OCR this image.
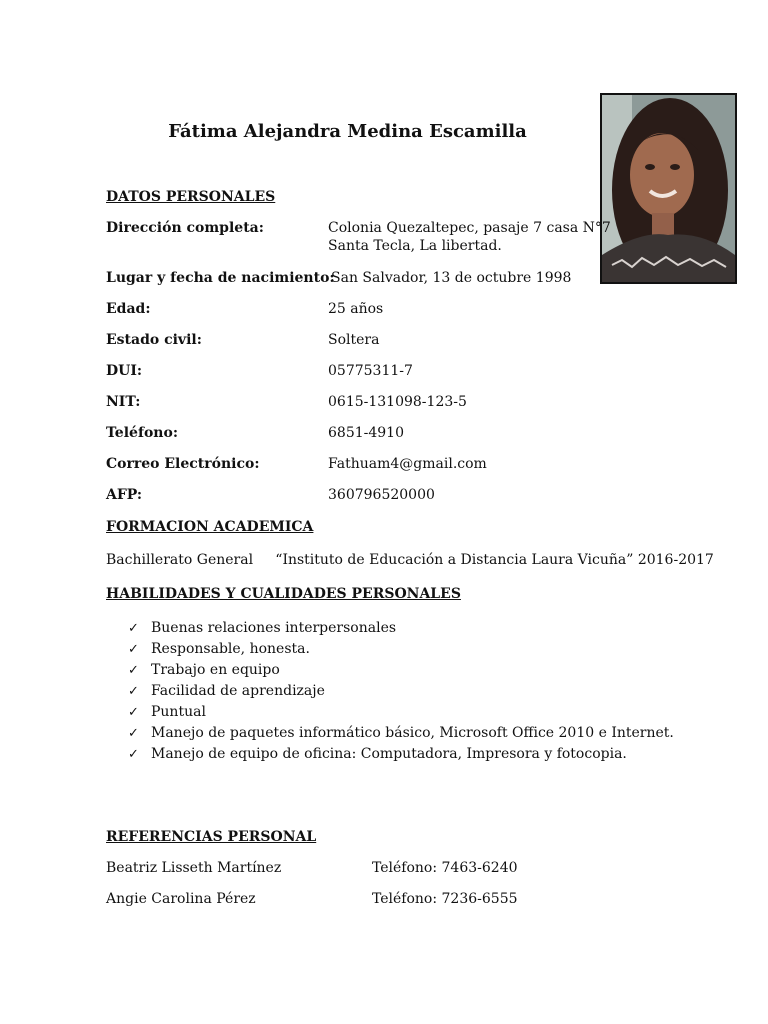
Fátima Alejandra Medina Escamilla
DATOS PERSONALES
Dirección completa:	Colonia Quezaltepec, pasaje 7 casa N°7
Santa Tecla, La libertad.
Lugar y fecha de nacimiento:
San Salvador, 13 de octubre 1998
Edad:	25 años
Estado civil:	Soltera
DUI:	05775311-7
NIT:	0615-131098-123-5
Teléfono:	6851-4910
Correo Electrónico:	Fathuam4@gmail.com
AFP:	360796520000
FORMACION ACADEMICA
Bachillerato General     “Instituto de Educación a Distancia Laura Vicuña” 2016-2017
HABILIDADES Y CUALIDADES PERSONALES
✓ Buenas relaciones interpersonales
✓ Responsable, honesta.
✓ Trabajo en equipo
✓ Facilidad de aprendizaje
✓ Puntual
✓ Manejo de paquetes informático básico, Microsoft Office 2010 e Internet.
✓ Manejo de equipo de oficina: Computadora, Impresora y fotocopia.
REFERENCIAS PERSONAL
Beatriz Lisseth Martínez	Teléfono: 7463-6240
Angie Carolina Pérez	Teléfono: 7236-6555
